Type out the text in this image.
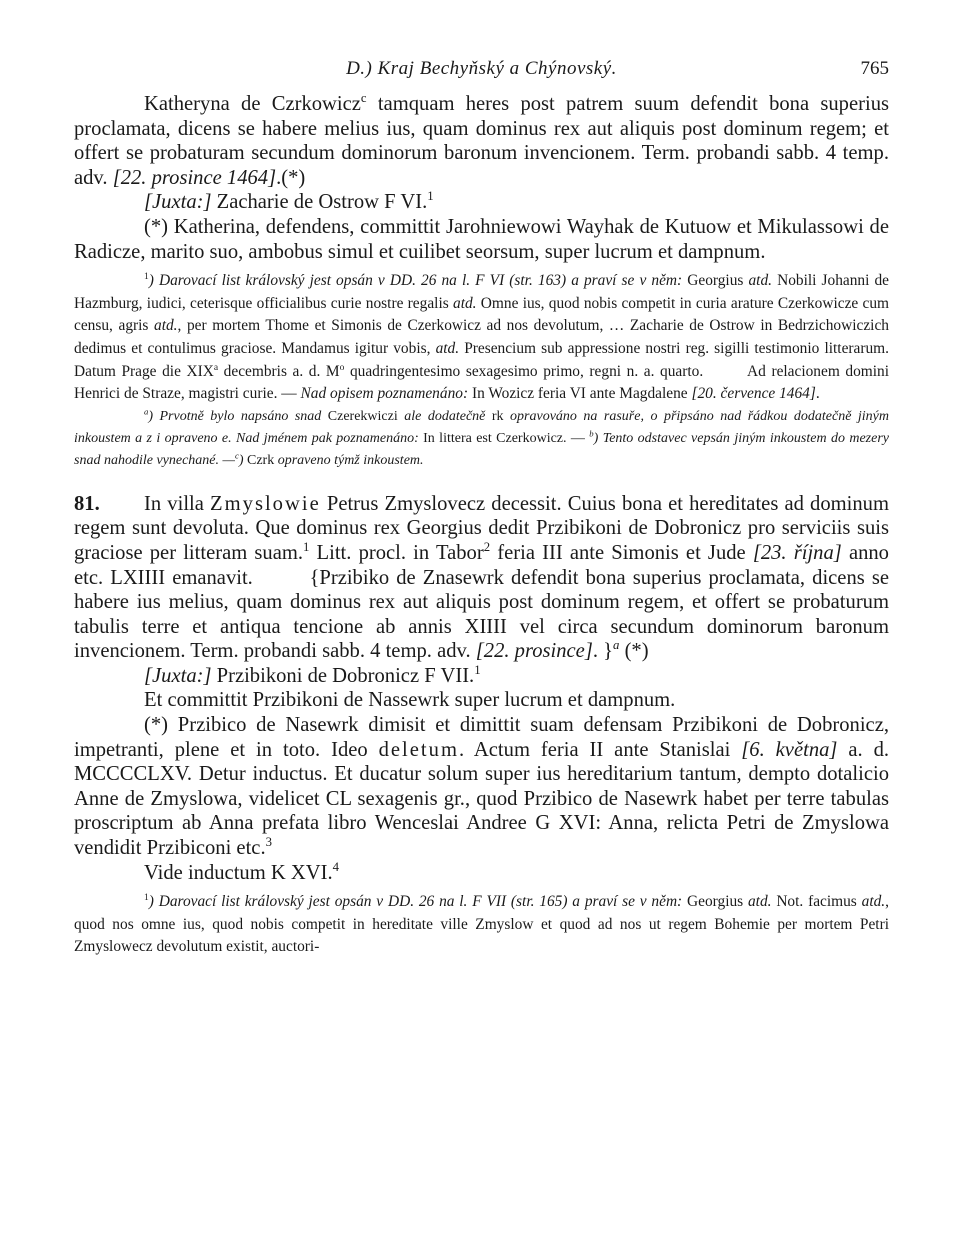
D.) Kraj Bechyňský a Chýnovský.	765

Katheryna de Czrkowicz$^c$ tamquam heres post patrem suum defendit bona superius proclamata, dicens se habere melius ius, quam dominus rex aut aliquis post dominum regem; et offert se probaturam secundum dominorum baronum invencionem. Term. probandi sabb. 4 temp. adv. [22. prosince 1464].(*)

[Juxta:] Zacharie de Ostrow F VI.$^1$

(*) Katherina, defendens, committit Jarohniewowi Wayhak de Kutuow et Mikulassowi de Radicze, marito suo, ambobus simul et cuilibet seorsum, super lucrum et dampnum.

$^1$) Darovací list královský jest opsán v DD. 26 na l. F VI (str. 163) a praví se v něm: Georgius atd. Nobili Johanni de Hazmburg, iudici, ceterisque officialibus curie nostre regalis atd. Omne ius, quod nobis competit in curia arature Czerkowicze cum censu, agris atd., per mortem Thome et Simonis de Czerkowicz ad nos devolutum, … Zacharie de Ostrow in Bedrzichowiczich dedimus et contulimus graciose. Mandamus igitur vobis, atd. Presencium sub appressione nostri reg. sigilli testimonio litterarum. Datum Prage die XIX$^a$ decembris a. d. $M^o$ quadringentesimo sexagesimo primo, regni n. a. quarto.        Ad relacionem domini Henrici de Straze, magistri curie. — Nad opisem poznamenáno: In Wozicz feria VI ante Magdalene [20. července 1464].

$^a$) Prvotně bylo napsáno snad Czerekwiczi ale dodatečně rk opravováno na rasuře, o připsáno nad řádkou dodatečně jiným inkoustem a z i opraveno e. Nad jménem pak poznamenáno: In littera est Czerkowicz. — $^b$) Tento odstavec vepsán jiným inkoustem do mezery snad nahodile vynechané. —$^c$) Czrk opraveno týmž inkoustem.

81. In villa Zmyslowie Petrus Zmyslovecz decessit. Cuius bona et hereditates ad dominum regem sunt devoluta. Que dominus rex Georgius dedit Przibikoni de Dobronicz pro serviciis suis graciose per litteram suam.$^1$ Litt. procl. in Tabor$^2$ feria III ante Simonis et Jude [23. října] anno etc. LXIIII emanavit.        {Przibiko de Znasewrk defendit bona superius proclamata, dicens se habere ius melius, quam dominus rex aut aliquis post dominum regem, et offert se probaturum tabulis terre et antiqua tencione ab annis XIIII vel circa secundum dominorum baronum invencionem. Term. probandi sabb. 4 temp. adv. [22. prosince]. }$^a$ (*)

[Juxta:] Przibikoni de Dobronicz F VII.$^1$

Et committit Przibikoni de Nassewrk super lucrum et dampnum.

(*) Przibico de Nasewrk dimisit et dimittit suam defensam Przibikoni de Dobronicz, impetranti, plene et in toto. Ideo deletum. Actum feria II ante Stanislai [6. května] a. d. MCCCCLXV. Detur inductus. Et ducatur solum super ius hereditarium tantum, dempto dotalicio Anne de Zmyslowa, videlicet CL sexagenis gr., quod Przibico de Nasewrk habet per terre tabulas proscriptum ab Anna prefata libro Wenceslai Andree G XVI: Anna, relicta Petri de Zmyslowa vendidit Przibiconi etc.$^3$

Vide inductum K XVI.$^4$

$^1$) Darovací list královský jest opsán v DD. 26 na l. F VII (str. 165) a praví se v něm: Georgius atd. Not. facimus atd., quod nos omne ius, quod nobis competit in hereditate ville Zmyslow et quod ad nos ut regem Bohemie per mortem Petri Zmyslowecz devolutum existit, auctori-
